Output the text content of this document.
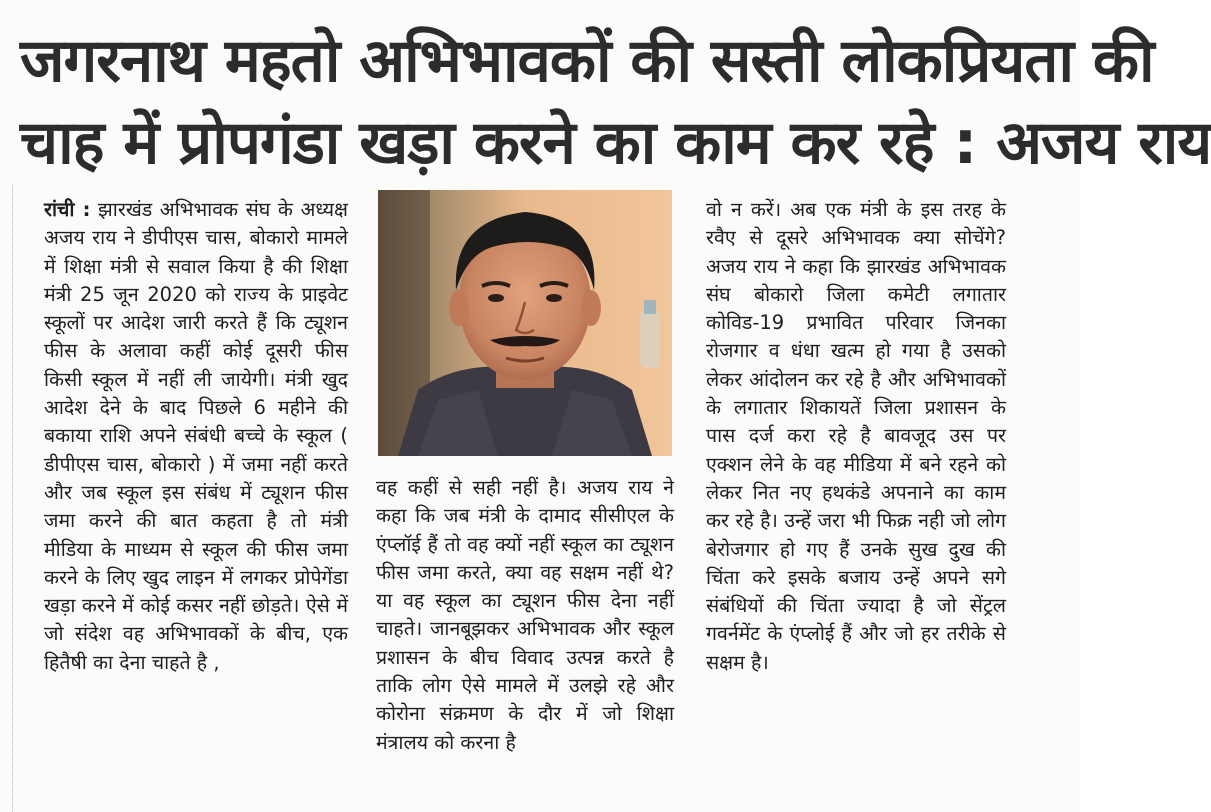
जगरनाथ महतो अभिभावकों की सस्ती लोकप्रियता की
चाह में प्रोपगंडा खड़ा करने का काम कर रहे : अजय राय

रांची : झारखंड अभिभावक संघ के अध्यक्ष अजय राय ने डीपीएस चास, बोकारो मामले में शिक्षा मंत्री से सवाल किया है की शिक्षा मंत्री 25 जून 2020 को राज्य के प्राइवेट स्कूलों पर आदेश जारी करते हैं कि ट्यूशन फीस के अलावा कहीं कोई दूसरी फीस किसी स्कूल में नहीं ली जायेगी। मंत्री खुद आदेश देने के बाद पिछले 6 महीने की बकाया राशि अपने संबंधी बच्चे के स्कूल ( डीपीएस चास, बोकारो ) में जमा नहीं करते और जब स्कूल इस संबंध में ट्यूशन फीस जमा करने की बात कहता है तो मंत्री मीडिया के माध्यम से स्कूल की फीस जमा करने के लिए खुद लाइन में लगकर प्रोपेगेंडा खड़ा करने में कोई कसर नहीं छोड़ते। ऐसे में जो संदेश वह अभिभावकों के बीच, एक हितैषी का देना चाहते है ,

वह कहीं से सही नहीं है। अजय राय ने कहा कि जब मंत्री के दामाद सीसीएल के एंप्लॉई हैं तो वह क्यों नहीं स्कूल का ट्यूशन फीस जमा करते, क्या वह सक्षम नहीं थे? या वह स्कूल का ट्यूशन फीस देना नहीं चाहते। जानबूझकर अभिभावक और स्कूल प्रशासन के बीच विवाद उत्पन्न करते है ताकि लोग ऐसे मामले में उलझे रहे और कोरोना संक्रमण के दौर में जो शिक्षा मंत्रालय को करना है

वो न करें। अब एक मंत्री के इस तरह के रवैए से दूसरे अभिभावक क्या सोचेंगे? अजय राय ने कहा कि झारखंड अभिभावक संघ बोकारो जिला कमेटी लगातार कोविड-19 प्रभावित परिवार जिनका रोजगार व धंधा खत्म हो गया है उसको लेकर आंदोलन कर रहे है और अभिभावकों के लगातार शिकायतें जिला प्रशासन के पास दर्ज करा रहे है बावजूद उस पर एक्शन लेने के वह मीडिया में बने रहने को लेकर नित नए हथकंडे अपनाने का काम कर रहे है। उन्हें जरा भी फिक्र नही जो लोग बेरोजगार हो गए हैं उनके सुख दुख की चिंता करे इसके बजाय उन्हें अपने सगे संबंधियों की चिंता ज्यादा है जो सेंट्रल गवर्नमेंट के एंप्लोई हैं और जो हर तरीके से सक्षम है।
